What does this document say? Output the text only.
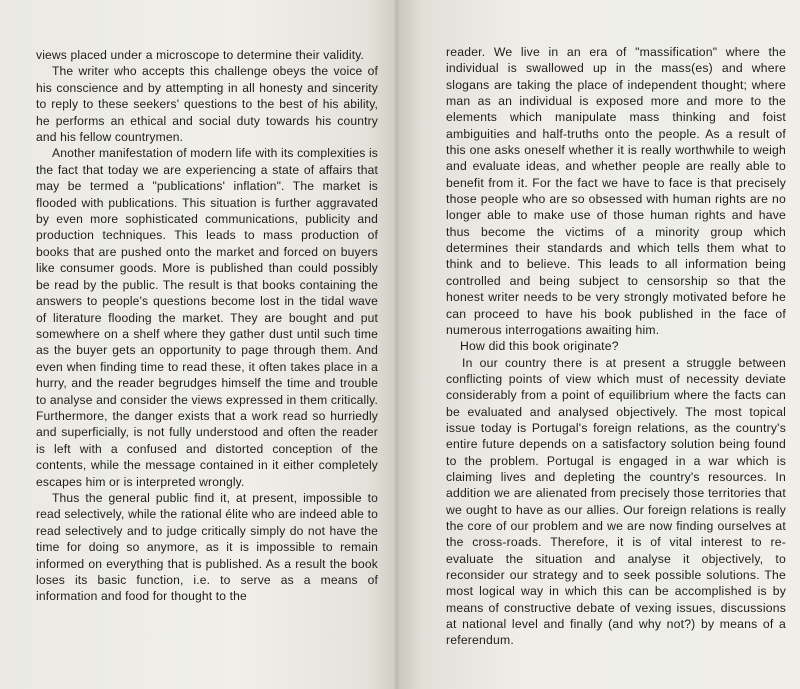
views placed under a microscope to determine their validity.

The writer who accepts this challenge obeys the voice of his conscience and by attempting in all honesty and sincerity to reply to these seekers' questions to the best of his ability, he performs an ethical and social duty towards his country and his fellow countrymen.

Another manifestation of modern life with its complexities is the fact that today we are experiencing a state of affairs that may be termed a "publications' inflation". The market is flooded with publications. This situation is further aggravated by even more sophisticated communications, publicity and production techniques. This leads to mass production of books that are pushed onto the market and forced on buyers like consumer goods. More is published than could possibly be read by the public. The result is that books containing the answers to people's questions become lost in the tidal wave of literature flooding the market. They are bought and put somewhere on a shelf where they gather dust until such time as the buyer gets an opportunity to page through them. And even when finding time to read these, it often takes place in a hurry, and the reader begrudges himself the time and trouble to analyse and consider the views expressed in them critically. Furthermore, the danger exists that a work read so hurriedly and superficially, is not fully understood and often the reader is left with a confused and distorted conception of the contents, while the message contained in it either completely escapes him or is interpreted wrongly.

Thus the general public find it, at present, impossible to read selectively, while the rational élite who are indeed able to read selectively and to judge critically simply do not have the time for doing so anymore, as it is impossible to remain informed on everything that is published. As a result the book loses its basic function, i.e. to serve as a means of information and food for thought to the

reader. We live in an era of "massification" where the individual is swallowed up in the mass(es) and where slogans are taking the place of independent thought; where man as an individual is exposed more and more to the elements which manipulate mass thinking and foist ambiguities and half-truths onto the people. As a result of this one asks oneself whether it is really worthwhile to weigh and evaluate ideas, and whether people are really able to benefit from it. For the fact we have to face is that precisely those people who are so obsessed with human rights are no longer able to make use of those human rights and have thus become the victims of a minority group which determines their standards and which tells them what to think and to believe. This leads to all information being controlled and being subject to censorship so that the honest writer needs to be very strongly motivated before he can proceed to have his book published in the face of numerous interrogations awaiting him.

How did this book originate?

In our country there is at present a struggle between conflicting points of view which must of necessity deviate considerably from a point of equilibrium where the facts can be evaluated and analysed objectively. The most topical issue today is Portugal's foreign relations, as the country's entire future depends on a satisfactory solution being found to the problem. Portugal is engaged in a war which is claiming lives and depleting the country's resources. In addition we are alienated from precisely those territories that we ought to have as our allies. Our foreign relations is really the core of our problem and we are now finding ourselves at the cross-roads. Therefore, it is of vital interest to re-evaluate the situation and analyse it objectively, to reconsider our strategy and to seek possible solutions. The most logical way in which this can be accomplished is by means of constructive debate of vexing issues, discussions at national level and finally (and why not?) by means of a referendum.
